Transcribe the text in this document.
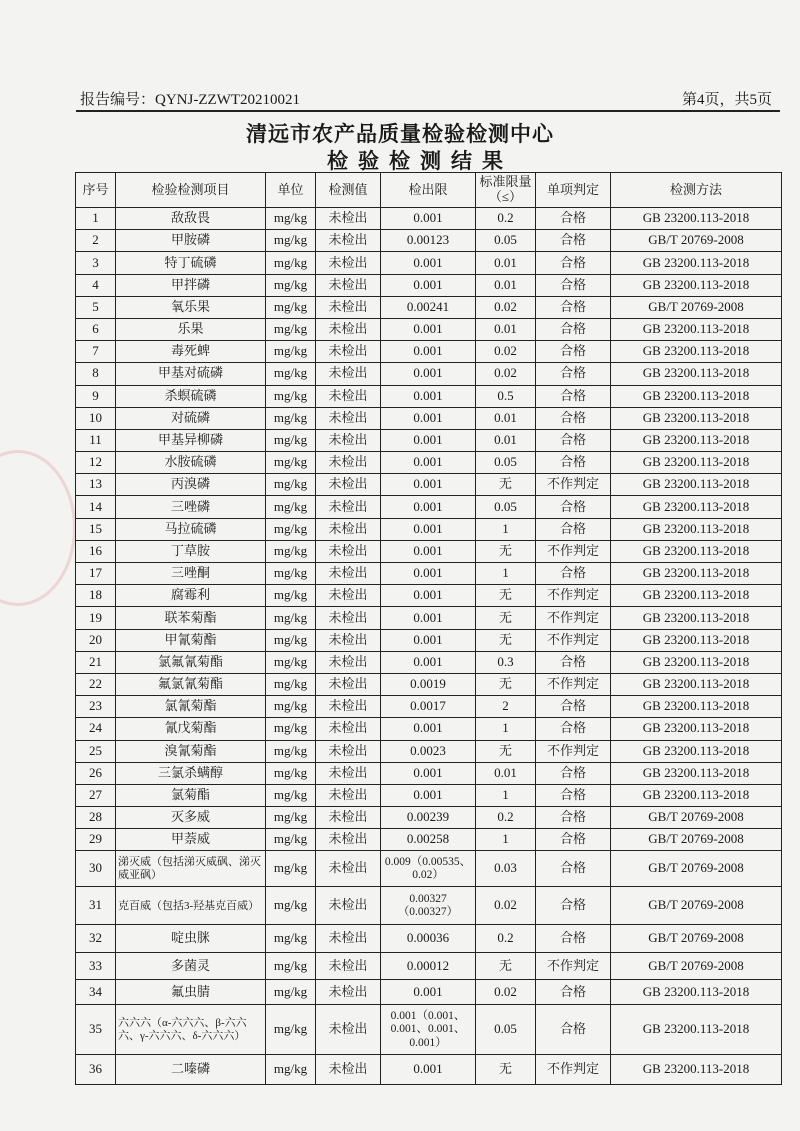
报告编号：QYNJ-ZZWT20210021	第4页，共5页
清远市农产品质量检验检测中心
检验检测结果
序号	检验检测项目	单位	检测值	检出限	标准限量（≤）	单项判定	检测方法
1	敌敌畏	mg/kg	未检出	0.001	0.2	合格	GB 23200.113-2018
2	甲胺磷	mg/kg	未检出	0.00123	0.05	合格	GB/T 20769-2008
3	特丁硫磷	mg/kg	未检出	0.001	0.01	合格	GB 23200.113-2018
4	甲拌磷	mg/kg	未检出	0.001	0.01	合格	GB 23200.113-2018
5	氧乐果	mg/kg	未检出	0.00241	0.02	合格	GB/T 20769-2008
6	乐果	mg/kg	未检出	0.001	0.01	合格	GB 23200.113-2018
7	毒死蜱	mg/kg	未检出	0.001	0.02	合格	GB 23200.113-2018
8	甲基对硫磷	mg/kg	未检出	0.001	0.02	合格	GB 23200.113-2018
9	杀螟硫磷	mg/kg	未检出	0.001	0.5	合格	GB 23200.113-2018
10	对硫磷	mg/kg	未检出	0.001	0.01	合格	GB 23200.113-2018
11	甲基异柳磷	mg/kg	未检出	0.001	0.01	合格	GB 23200.113-2018
12	水胺硫磷	mg/kg	未检出	0.001	0.05	合格	GB 23200.113-2018
13	丙溴磷	mg/kg	未检出	0.001	无	不作判定	GB 23200.113-2018
14	三唑磷	mg/kg	未检出	0.001	0.05	合格	GB 23200.113-2018
15	马拉硫磷	mg/kg	未检出	0.001	1	合格	GB 23200.113-2018
16	丁草胺	mg/kg	未检出	0.001	无	不作判定	GB 23200.113-2018
17	三唑酮	mg/kg	未检出	0.001	1	合格	GB 23200.113-2018
18	腐霉利	mg/kg	未检出	0.001	无	不作判定	GB 23200.113-2018
19	联苯菊酯	mg/kg	未检出	0.001	无	不作判定	GB 23200.113-2018
20	甲氰菊酯	mg/kg	未检出	0.001	无	不作判定	GB 23200.113-2018
21	氯氟氰菊酯	mg/kg	未检出	0.001	0.3	合格	GB 23200.113-2018
22	氟氯氰菊酯	mg/kg	未检出	0.0019	无	不作判定	GB 23200.113-2018
23	氯氰菊酯	mg/kg	未检出	0.0017	2	合格	GB 23200.113-2018
24	氰戊菊酯	mg/kg	未检出	0.001	1	合格	GB 23200.113-2018
25	溴氰菊酯	mg/kg	未检出	0.0023	无	不作判定	GB 23200.113-2018
26	三氯杀螨醇	mg/kg	未检出	0.001	0.01	合格	GB 23200.113-2018
27	氯菊酯	mg/kg	未检出	0.001	1	合格	GB 23200.113-2018
28	灭多威	mg/kg	未检出	0.00239	0.2	合格	GB/T 20769-2008
29	甲萘威	mg/kg	未检出	0.00258	1	合格	GB/T 20769-2008
30	涕灭威（包括涕灭威砜、涕灭威亚砜）	mg/kg	未检出	0.009（0.00535、0.02）	0.03	合格	GB/T 20769-2008
31	克百威（包括3-羟基克百威）	mg/kg	未检出	0.00327（0.00327）	0.02	合格	GB/T 20769-2008
32	啶虫脒	mg/kg	未检出	0.00036	0.2	合格	GB/T 20769-2008
33	多菌灵	mg/kg	未检出	0.00012	无	不作判定	GB/T 20769-2008
34	氟虫腈	mg/kg	未检出	0.001	0.02	合格	GB 23200.113-2018
35	六六六（α-六六六、β-六六六、γ-六六六、δ-六六六）	mg/kg	未检出	0.001（0.001、0.001、0.001、0.001）	0.05	合格	GB 23200.113-2018
36	二嗪磷	mg/kg	未检出	0.001	无	不作判定	GB 23200.113-2018
